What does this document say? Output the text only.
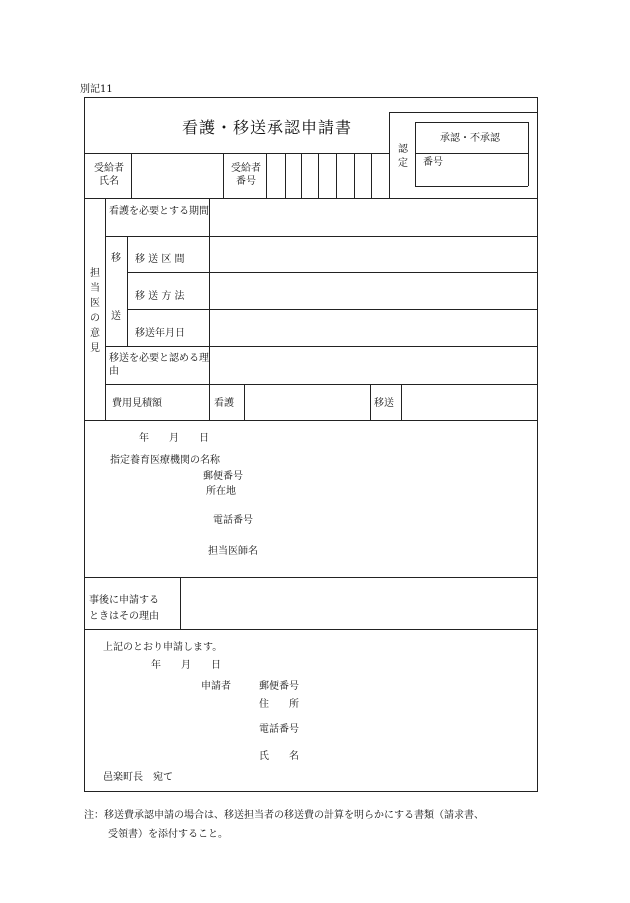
別記11
看護・移送承認申請書
認
定
承認・不承認
番号
受給者
氏名
受給者
番号
担
当
医
の
意
見
看護を必要とする期間
移
送
移 送 区 間
移 送 方 法
移送年月日
移送を必要と認める理由
費用見積額	看護	移送
年　　月　　日
指定養育医療機関の名称
郵便番号
所在地
電話番号
担当医師名
事後に申請する
ときはその理由
上記のとおり申請します。
年　　月　　日
申請者	郵便番号
住　　所
電話番号
氏　　名
邑楽町長　宛て
注：移送費承認申請の場合は、移送担当者の移送費の計算を明らかにする書類（請求書、
受領書）を添付すること。
